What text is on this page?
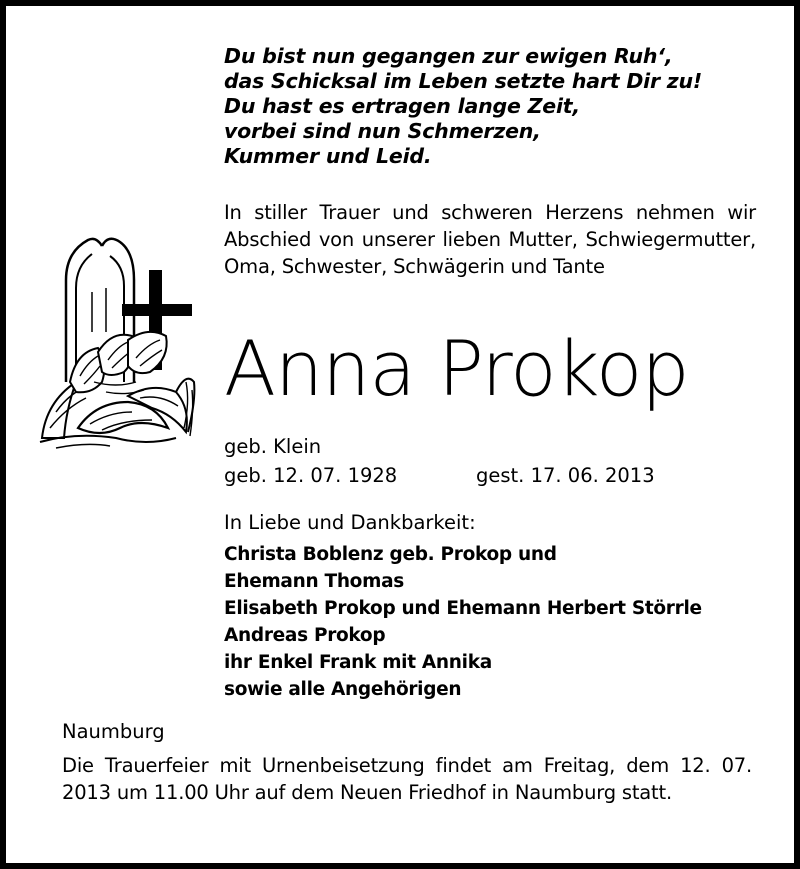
Du bist nun gegangen zur ewigen Ruh‘,
das Schicksal im Leben setzte hart Dir zu!
Du hast es ertragen lange Zeit,
vorbei sind nun Schmerzen,
Kummer und Leid.
In stiller Trauer und schweren Herzens nehmen wir Abschied von unserer lieben Mutter, Schwiegermutter, Oma, Schwester, Schwägerin und Tante
Anna Prokop
geb. Klein
geb. 12. 07. 1928	gest. 17. 06. 2013
In Liebe und Dankbarkeit:
Christa Boblenz geb. Prokop und
Ehemann Thomas
Elisabeth Prokop und Ehemann Herbert Störrle
Andreas Prokop
ihr Enkel Frank mit Annika
sowie alle Angehörigen
Naumburg
Die Trauerfeier mit Urnenbeisetzung findet am Freitag, dem 12. 07. 2013 um 11.00 Uhr auf dem Neuen Friedhof in Naumburg statt.
